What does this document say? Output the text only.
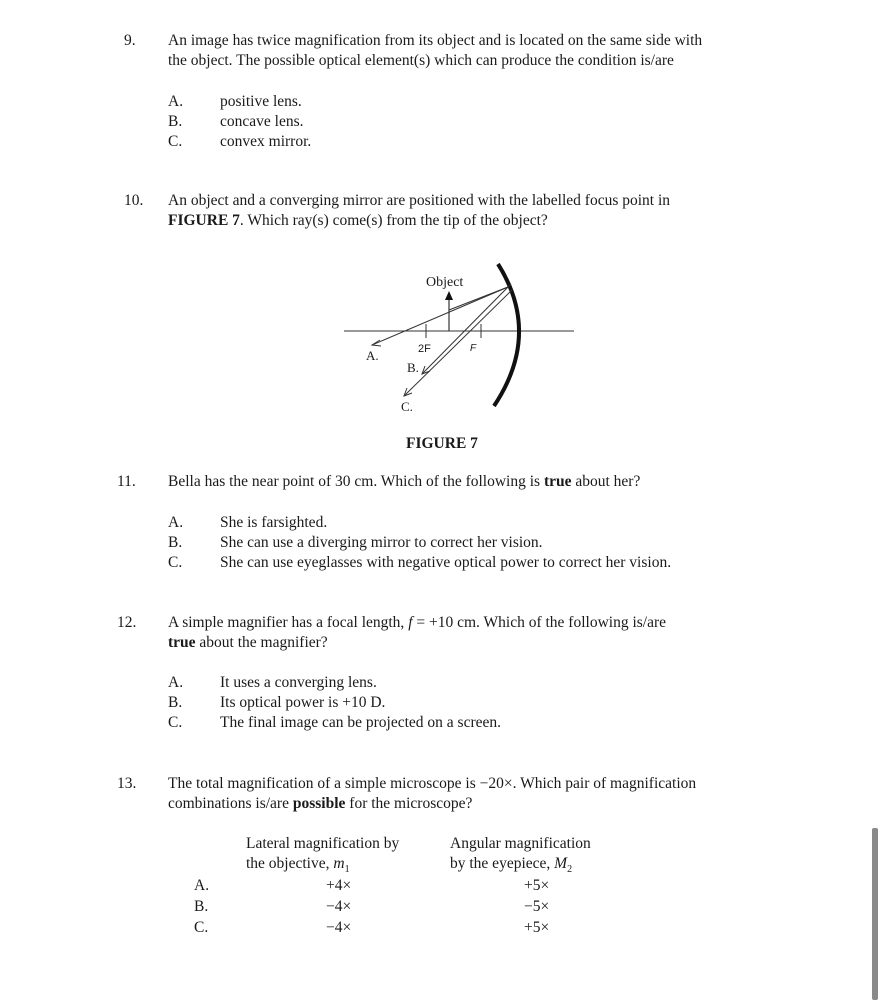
9.	An image has twice magnification from its object and is located on the same side with
the object. The possible optical element(s) which can produce the condition is/are
A. positive lens.
B. concave lens.
C. convex mirror.
10.	An object and a converging mirror are positioned with the labelled focus point in
FIGURE 7. Which ray(s) come(s) from the tip of the object?
Object
2F	F
A.
B.
C.
FIGURE 7
11.	Bella has the near point of 30 cm. Which of the following is true about her?
A. She is farsighted.
B. She can use a diverging mirror to correct her vision.
C. She can use eyeglasses with negative optical power to correct her vision.
12.	A simple magnifier has a focal length, f = +10 cm. Which of the following is/are
true about the magnifier?
A. It uses a converging lens.
B. Its optical power is +10 D.
C. The final image can be projected on a screen.
13.	The total magnification of a simple microscope is −20×. Which pair of magnification
combinations is/are possible for the microscope?
Lateral magnification by
the objective, $m_1$
Angular magnification
by the eyepiece, $M_2$
A.	+4×	+5×
B.	−4×	−5×
C.	−4×	+5×
